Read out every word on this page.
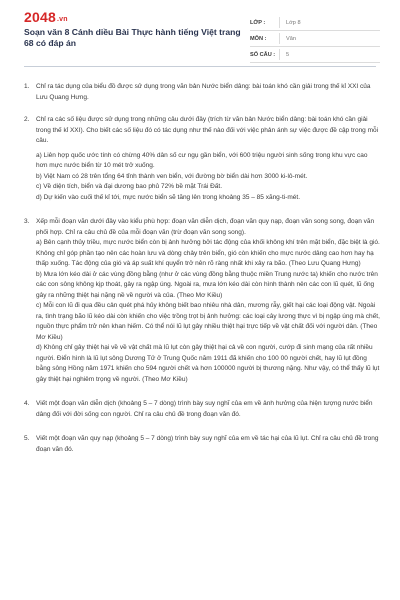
2048.vn
Soạn văn 8 Cánh diều Bài Thực hành tiếng Việt trang 68 có đáp án
LỚP :	Lớp 8
MÔN :	Văn
SỐ CÂU :	5
1.	Chỉ ra tác dụng của biểu đồ được sử dụng trong văn bản Nước biển dâng: bài toán khó cần giải trong thế kỉ XXI của Lưu Quang Hưng.

2.	Chỉ ra các số liệu được sử dụng trong những câu dưới đây (trích từ văn bản Nước biển dâng: bài toán khó cần giải trong thế kỉ XXI). Cho biết các số liệu đó có tác dụng như thế nào đối với việc phản ánh sự việc được đề cập trong mỗi câu.

a) Liên hợp quốc ước tính có chừng 40% dân số cư ngụ gần biển, với 600 triệu người sinh sống trong khu vực cao hơn mực nước biển từ 10 mét trở xuống.

b) Việt Nam có 28 trên tổng 64 tỉnh thành ven biển, với đường bờ biển dài hơn 3000 ki-lô-mét.

c) Về diện tích, biển và đại dương bao phủ 72% bề mặt Trái Đất.

d) Dự kiến vào cuối thế kỉ tới, mực nước biển sẽ tăng lên trong khoảng 35 – 85 xăng-ti-mét.

3.	Xếp mỗi đoạn văn dưới đây vào kiểu phù hợp: đoạn văn diễn dịch, đoạn văn quy nạp, đoạn văn song song, đoạn văn phối hợp. Chỉ ra câu chủ đề của mỗi đoạn văn (trừ đoạn văn song song).

a) Bên cạnh thủy triều, mực nước biển còn bị ảnh hưởng bởi tác động của khối không khí trên mặt biển, đặc biệt là gió. Không chỉ góp phần tạo nên các hoàn lưu và dòng chảy trên biển, gió còn khiến cho mực nước dâng cao hơn hay hạ thấp xuống. Tác động của gió và áp suất khí quyển trở nên rõ ràng nhất khi xảy ra bão. (Theo Lưu Quang Hưng)

b) Mưa lớn kéo dài ở các vùng đồng bằng (như ở các vùng đồng bằng thuộc miền Trung nước ta) khiến cho nước trên các con sông không kịp thoát, gây ra ngập úng. Ngoài ra, mưa lớn kéo dài còn hình thành nên các con lũ quét, lũ ống gây ra những thiệt hại nặng nề về người và của. (Theo Mơ Kiều)

c) Mỗi con lũ đi qua đều cản quét phá hủy không biết bao nhiêu nhà dân, mương rẫy, giết hại các loại động vật. Ngoài ra, tình trạng bão lũ kéo dài còn khiến cho việc trồng trọt bị ảnh hưởng: các loại cây lương thực vì bị ngập úng mà chết, nguồn thực phẩm trở nên khan hiếm. Có thể nói lũ lụt gây nhiều thiệt hại trực tiếp về vật chất đối với người dân. (Theo Mơ Kiều)

d) Không chỉ gây thiệt hại về về vật chất mà lũ lụt còn gây thiệt hại cả về con người, cướp đi sinh mạng của rất nhiều người. Điển hình là lũ lụt sông Dương Tử ở Trung Quốc năm 1911 đã khiến cho 100 00 người chết, hay lũ lụt đồng bằng sông Hồng năm 1971 khiến cho 594 người chết và hơn 100000 người bị thương nặng. Như vậy, có thể thấy lũ lụt gây thiệt hại nghiêm trọng về người. (Theo Mơ Kiều)

4.	Viết một đoạn văn diễn dịch (khoảng 5 – 7 dòng) trình bày suy nghĩ của em về ảnh hưởng của hiện tượng nước biển dâng đối với đời sống con người. Chỉ ra câu chủ đề trong đoạn văn đó.

5.	Viết một đoạn văn quy nạp (khoảng 5 – 7 dòng) trình bày suy nghĩ của em về tác hại của lũ lụt. Chỉ ra câu chủ đề trong đoạn văn đó.
